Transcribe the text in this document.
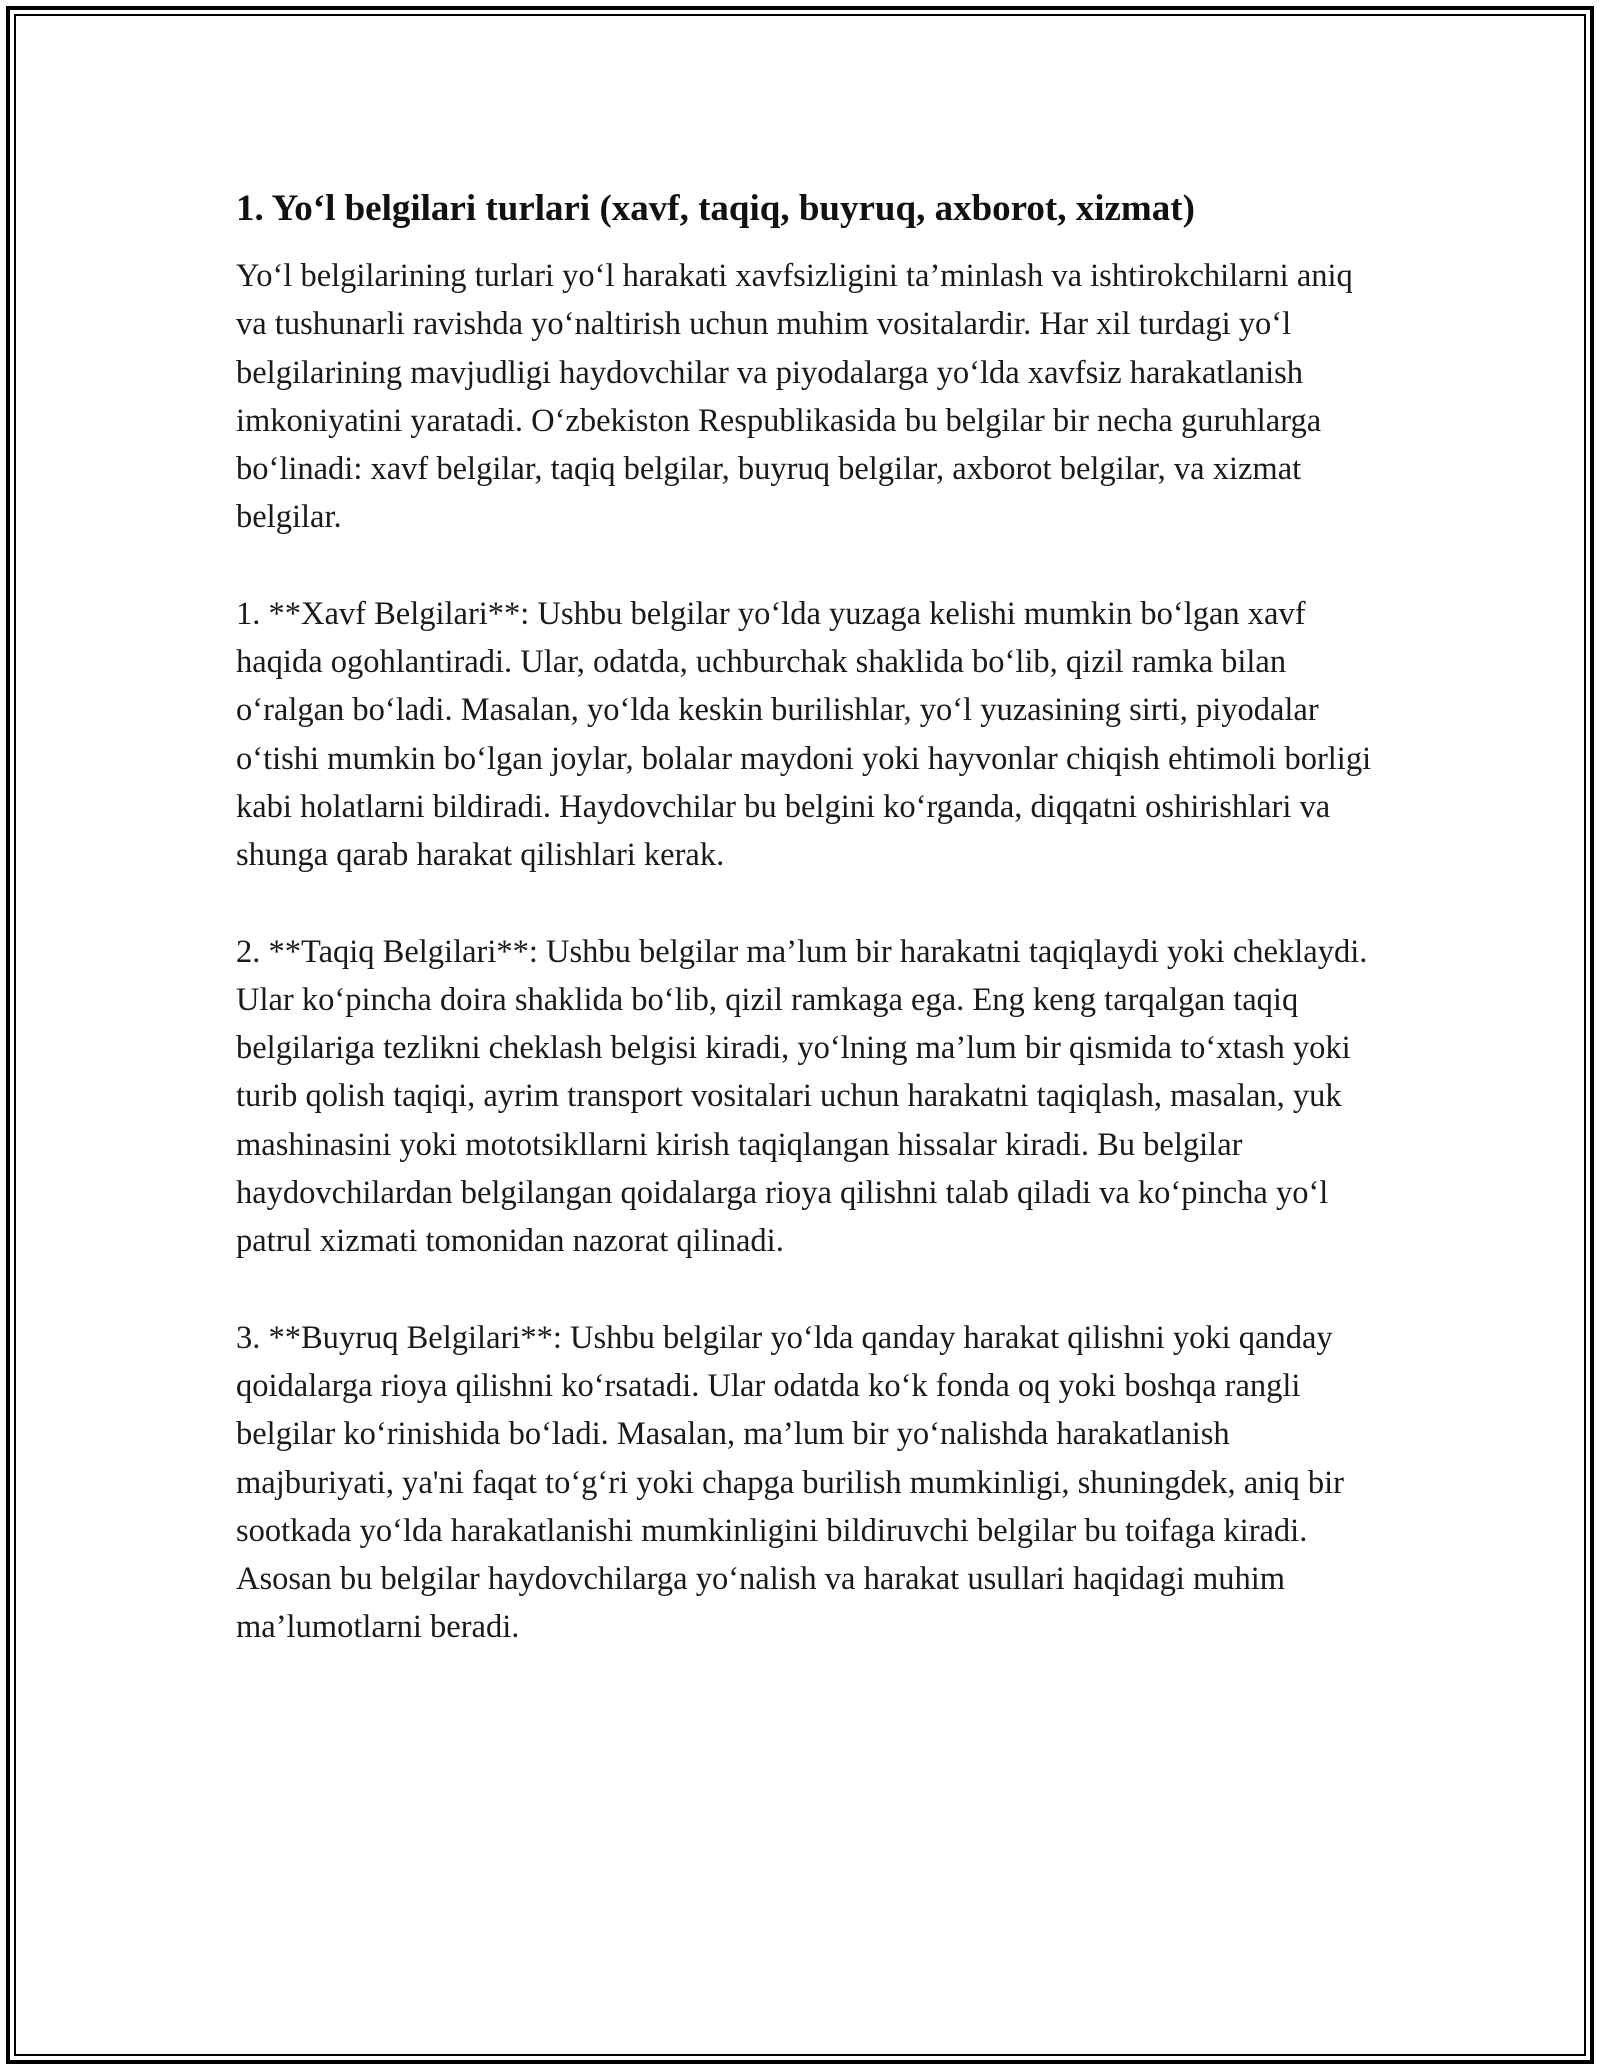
1. Yo‘l belgilari turlari (xavf, taqiq, buyruq, axborot, xizmat)

Yo‘l belgilarining turlari yo‘l harakati xavfsizligini ta’minlash va ishtirokchilarni aniq va tushunarli ravishda yo‘naltirish uchun muhim vositalardir. Har xil turdagi yo‘l belgilarining mavjudligi haydovchilar va piyodalarga yo‘lda xavfsiz harakatlanish imkoniyatini yaratadi. O‘zbekiston Respublikasida bu belgilar bir necha guruhlarga bo‘linadi: xavf belgilar, taqiq belgilar, buyruq belgilar, axborot belgilar, va xizmat belgilar.

1. **Xavf Belgilari**: Ushbu belgilar yo‘lda yuzaga kelishi mumkin bo‘lgan xavf haqida ogohlantiradi. Ular, odatda, uchburchak shaklida bo‘lib, qizil ramka bilan o‘ralgan bo‘ladi. Masalan, yo‘lda keskin burilishlar, yo‘l yuzasining sirti, piyodalar o‘tishi mumkin bo‘lgan joylar, bolalar maydoni yoki hayvonlar chiqish ehtimoli borligi kabi holatlarni bildiradi. Haydovchilar bu belgini ko‘rganda, diqqatni oshirishlari va shunga qarab harakat qilishlari kerak.

2. **Taqiq Belgilari**: Ushbu belgilar ma’lum bir harakatni taqiqlaydi yoki cheklaydi. Ular ko‘pincha doira shaklida bo‘lib, qizil ramkaga ega. Eng keng tarqalgan taqiq belgilariga tezlikni cheklash belgisi kiradi, yo‘lning ma’lum bir qismida to‘xtash yoki turib qolish taqiqi, ayrim transport vositalari uchun harakatni taqiqlash, masalan, yuk mashinasini yoki mototsikllarni kirish taqiqlangan hissalar kiradi. Bu belgilar haydovchilardan belgilangan qoidalarga rioya qilishni talab qiladi va ko‘pincha yo‘l patrul xizmati tomonidan nazorat qilinadi.

3. **Buyruq Belgilari**: Ushbu belgilar yo‘lda qanday harakat qilishni yoki qanday qoidalarga rioya qilishni ko‘rsatadi. Ular odatda ko‘k fonda oq yoki boshqa rangli belgilar ko‘rinishida bo‘ladi. Masalan, ma’lum bir yo‘nalishda harakatlanish majburiyati, ya'ni faqat to‘g‘ri yoki chapga burilish mumkinligi, shuningdek, aniq bir sootkada yo‘lda harakatlanishi mumkinligini bildiruvchi belgilar bu toifaga kiradi. Asosan bu belgilar haydovchilarga yo‘nalish va harakat usullari haqidagi muhim ma’lumotlarni beradi.
